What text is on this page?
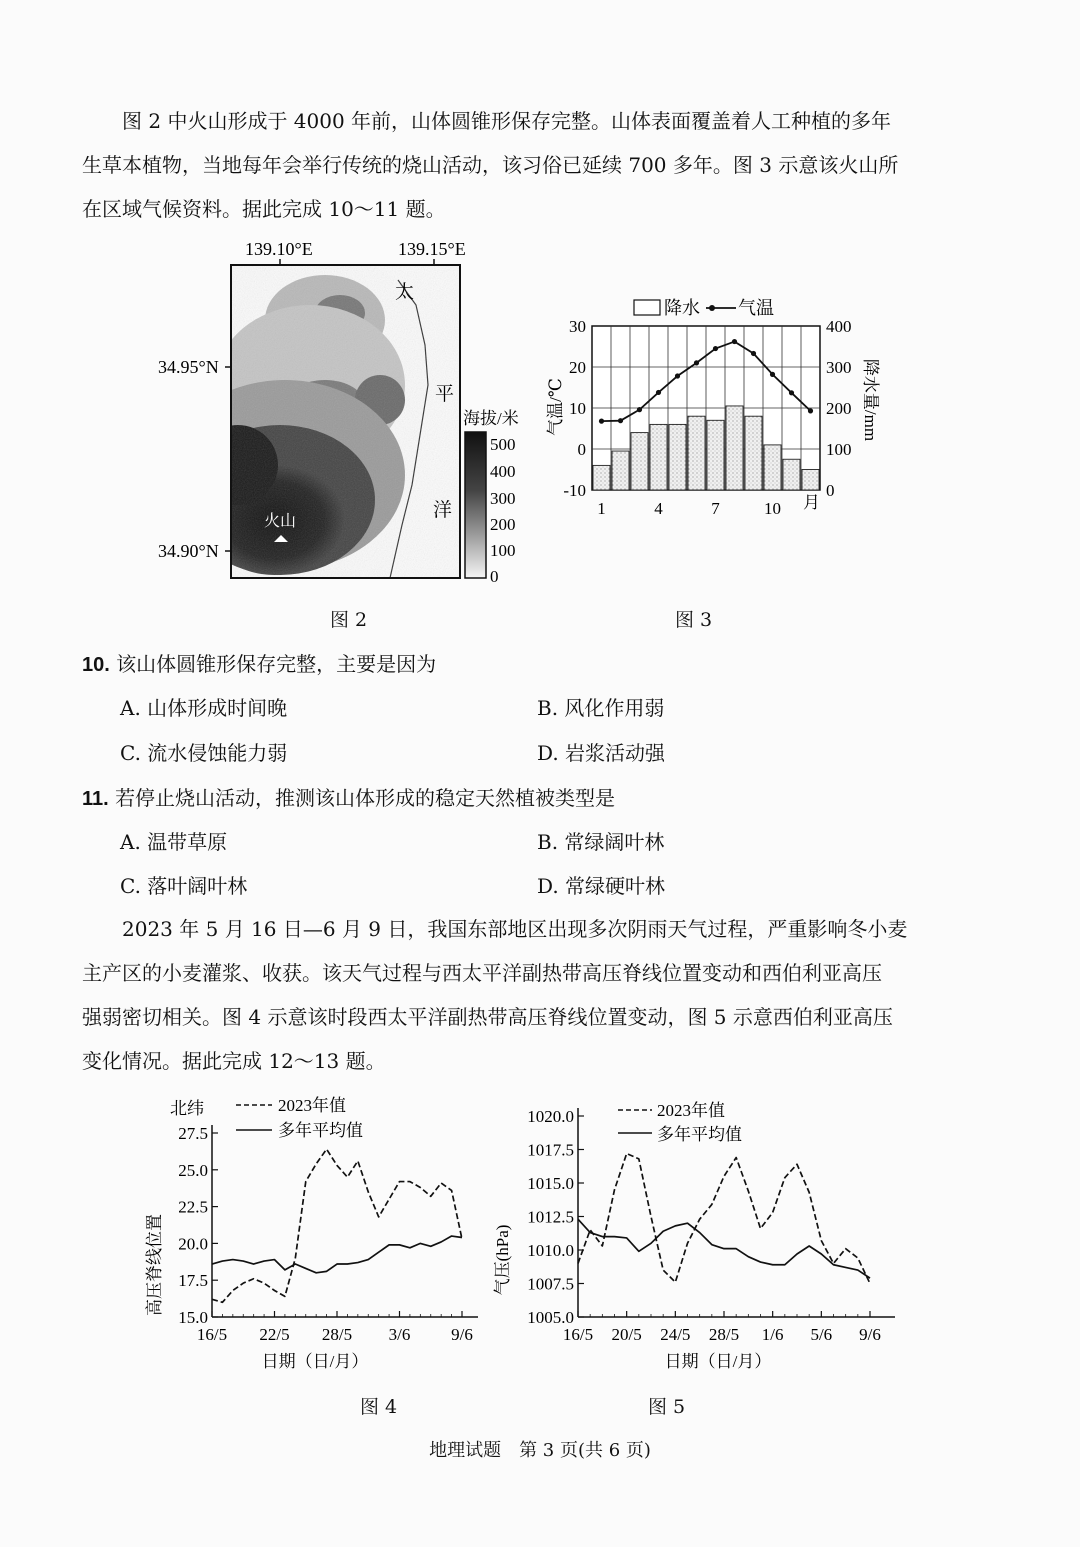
　　图 2 中火山形成于 4000 年前，山体圆锥形保存完整。山体表面覆盖着人工种植的多年
生草本植物，当地每年会举行传统的烧山活动，该习俗已延续 700 多年。图 3 示意该火山所
在区域气候资料。据此完成 10～11 题。
139.10°E	139.15°E
34.95°N
34.90°N
太
平
洋
火山
海拔/米
500
400
300
200
100
0
图 2
降水 气温
30
20
10
0
-10
400
300
200
100
0
1	4	7	10
气温/℃	降水量/mm
月
图 3
10. 该山体圆锥形保存完整，主要是因为
A. 山体形成时间晚	B. 风化作用弱
C. 流水侵蚀能力弱	D. 岩浆活动强
11. 若停止烧山活动，推测该山体形成的稳定天然植被类型是
A. 温带草原	B. 常绿阔叶林
C. 落叶阔叶林	D. 常绿硬叶林
　　2023 年 5 月 16 日—6 月 9 日，我国东部地区出现多次阴雨天气过程，严重影响冬小麦
主产区的小麦灌浆、收获。该天气过程与西太平洋副热带高压脊线位置变动和西伯利亚高压
强弱密切相关。图 4 示意该时段西太平洋副热带高压脊线位置变动，图 5 示意西伯利亚高压
变化情况。据此完成 12～13 题。
北纬
高压脊线位置
2023年值
多年平均值
27.5
25.0
22.5
20.0
17.5
15.0
16/5 22/5 28/5 3/6 9/6
日期（日/月）
图 4
气压(hPa)
2023年值
多年平均值
1020.0
1017.5
1015.0
1012.5
1010.0
1007.5
1005.0
16/5 20/5 24/5 28/5 1/6 5/6 9/6
日期（日/月）
图 5
地理试题　第 3 页(共 6 页)
